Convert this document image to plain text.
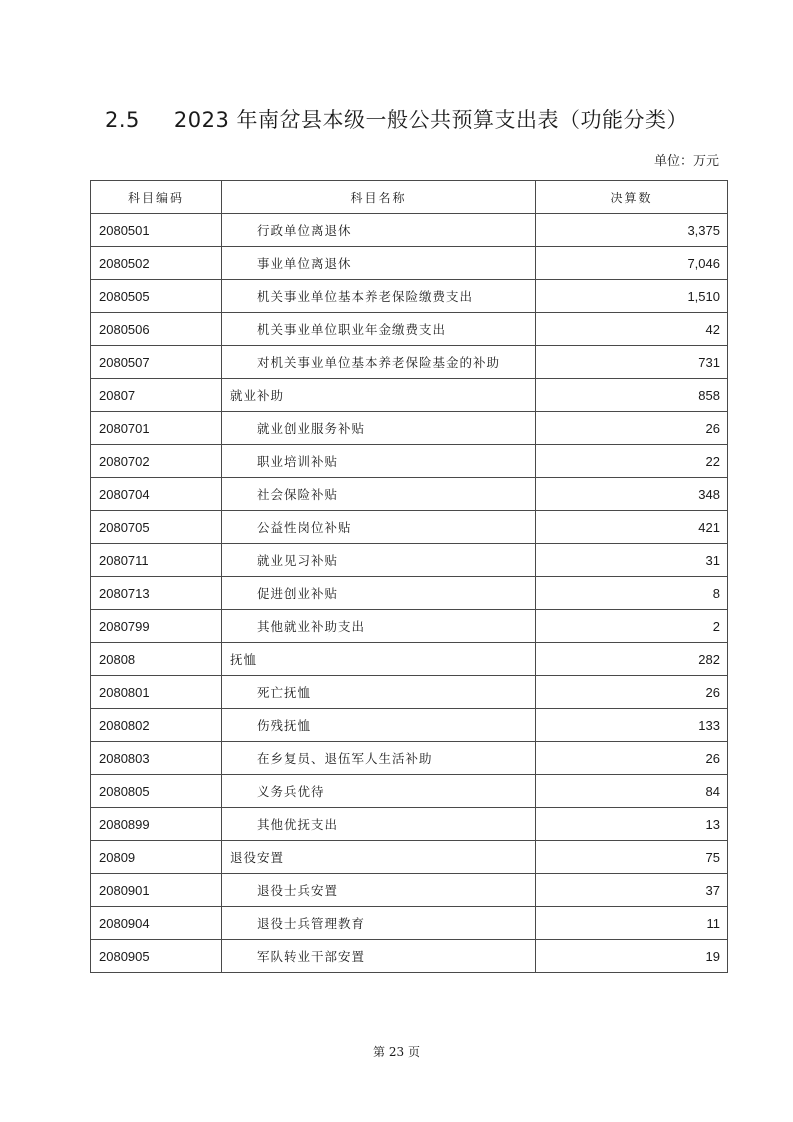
2.5 2023 年南岔县本级一般公共预算支出表（功能分类）
单位：万元
科目编码	科目名称	决算数
2080501	行政单位离退休	3,375
2080502	事业单位离退休	7,046
2080505	机关事业单位基本养老保险缴费支出	1,510
2080506	机关事业单位职业年金缴费支出	42
2080507	对机关事业单位基本养老保险基金的补助	731
20807	就业补助	858
2080701	就业创业服务补贴	26
2080702	职业培训补贴	22
2080704	社会保险补贴	348
2080705	公益性岗位补贴	421
2080711	就业见习补贴	31
2080713	促进创业补贴	8
2080799	其他就业补助支出	2
20808	抚恤	282
2080801	死亡抚恤	26
2080802	伤残抚恤	133
2080803	在乡复员、退伍军人生活补助	26
2080805	义务兵优待	84
2080899	其他优抚支出	13
20809	退役安置	75
2080901	退役士兵安置	37
2080904	退役士兵管理教育	11
2080905	军队转业干部安置	19
第 23 页
